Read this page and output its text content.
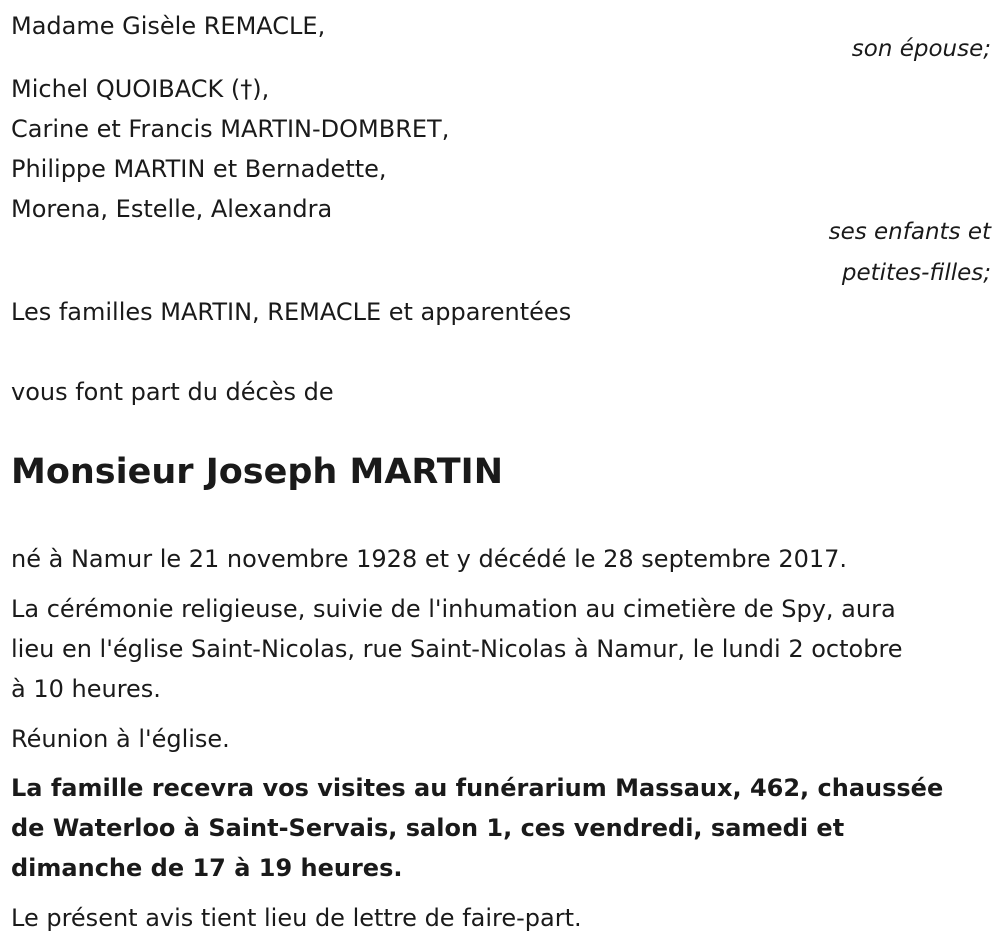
Madame Gisèle REMACLE,
son épouse;
Michel QUOIBACK (†),
Carine et Francis MARTIN-DOMBRET,
Philippe MARTIN et Bernadette,
Morena, Estelle, Alexandra
ses enfants et
petites-filles;
Les familles MARTIN, REMACLE et apparentées
vous font part du décès de
Monsieur Joseph MARTIN
né à Namur le 21 novembre 1928 et y décédé le 28 septembre 2017.
La cérémonie religieuse, suivie de l'inhumation au cimetière de Spy, aura
lieu en l'église Saint-Nicolas, rue Saint-Nicolas à Namur, le lundi 2 octobre
à 10 heures.
Réunion à l'église.
La famille recevra vos visites au funérarium Massaux, 462, chaussée
de Waterloo à Saint-Servais, salon 1, ces vendredi, samedi et
dimanche de 17 à 19 heures.
Le présent avis tient lieu de lettre de faire-part.
